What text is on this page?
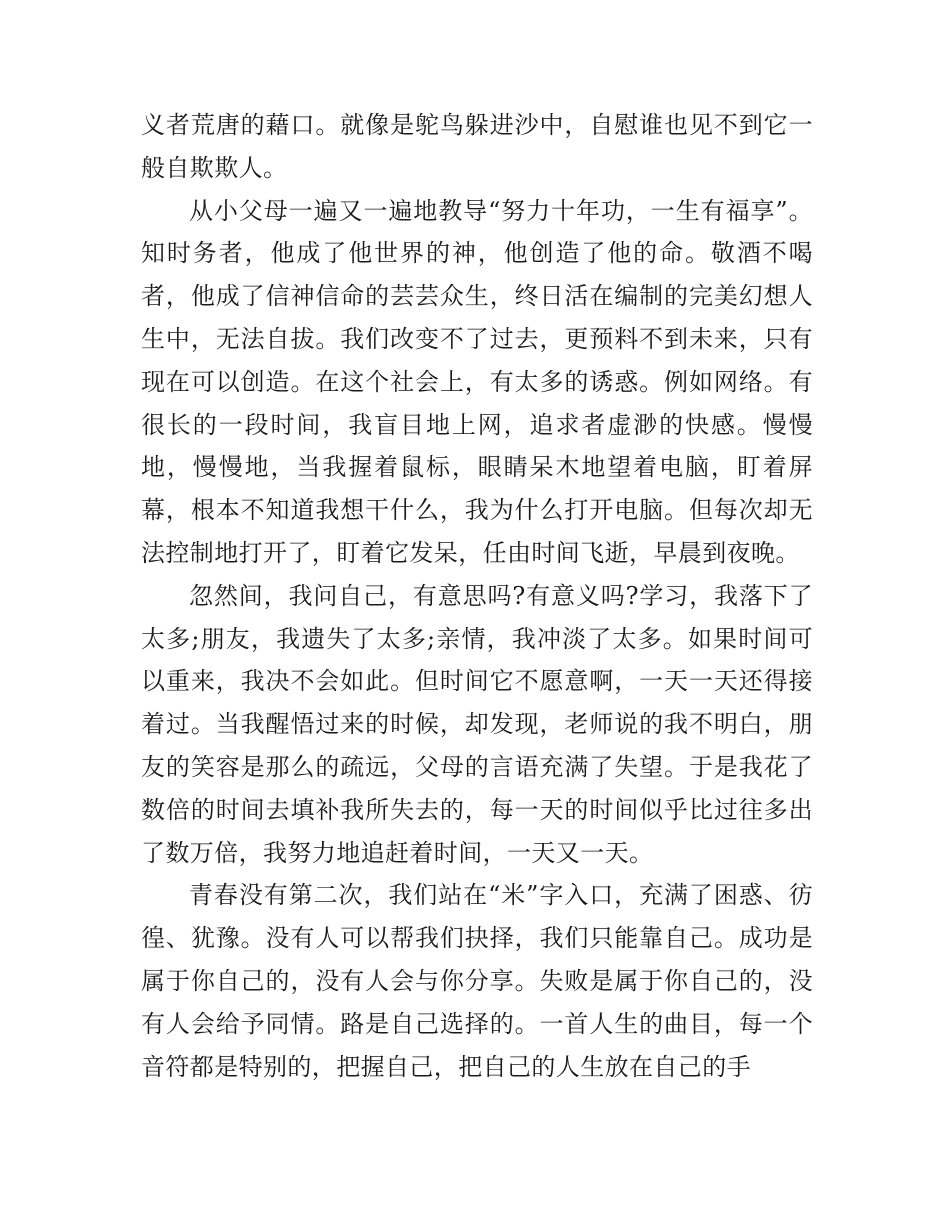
义者荒唐的藉口。就像是鸵鸟躲进沙中，自慰谁也见不到它一般自欺欺人。

从小父母一遍又一遍地教导“努力十年功，一生有福享”。知时务者，他成了他世界的神，他创造了他的命。敬酒不喝者，他成了信神信命的芸芸众生，终日活在编制的完美幻想人生中，无法自拔。我们改变不了过去，更预料不到未来，只有现在可以创造。在这个社会上，有太多的诱惑。例如网络。有很长的一段时间，我盲目地上网，追求者虚渺的快感。慢慢地，慢慢地，当我握着鼠标，眼睛呆木地望着电脑，盯着屏幕，根本不知道我想干什么，我为什么打开电脑。但每次却无法控制地打开了，盯着它发呆，任由时间飞逝，早晨到夜晚。

忽然间，我问自己，有意思吗?有意义吗?学习，我落下了太多;朋友，我遗失了太多;亲情，我冲淡了太多。如果时间可以重来，我决不会如此。但时间它不愿意啊，一天一天还得接着过。当我醒悟过来的时候，却发现，老师说的我不明白，朋友的笑容是那么的疏远，父母的言语充满了失望。于是我花了数倍的时间去填补我所失去的，每一天的时间似乎比过往多出了数万倍，我努力地追赶着时间，一天又一天。

青春没有第二次，我们站在“米”字入口，充满了困惑、彷徨、犹豫。没有人可以帮我们抉择，我们只能靠自己。成功是属于你自己的，没有人会与你分享。失败是属于你自己的，没有人会给予同情。路是自己选择的。一首人生的曲目，每一个音符都是特别的，把握自己，把自己的人生放在自己的手
